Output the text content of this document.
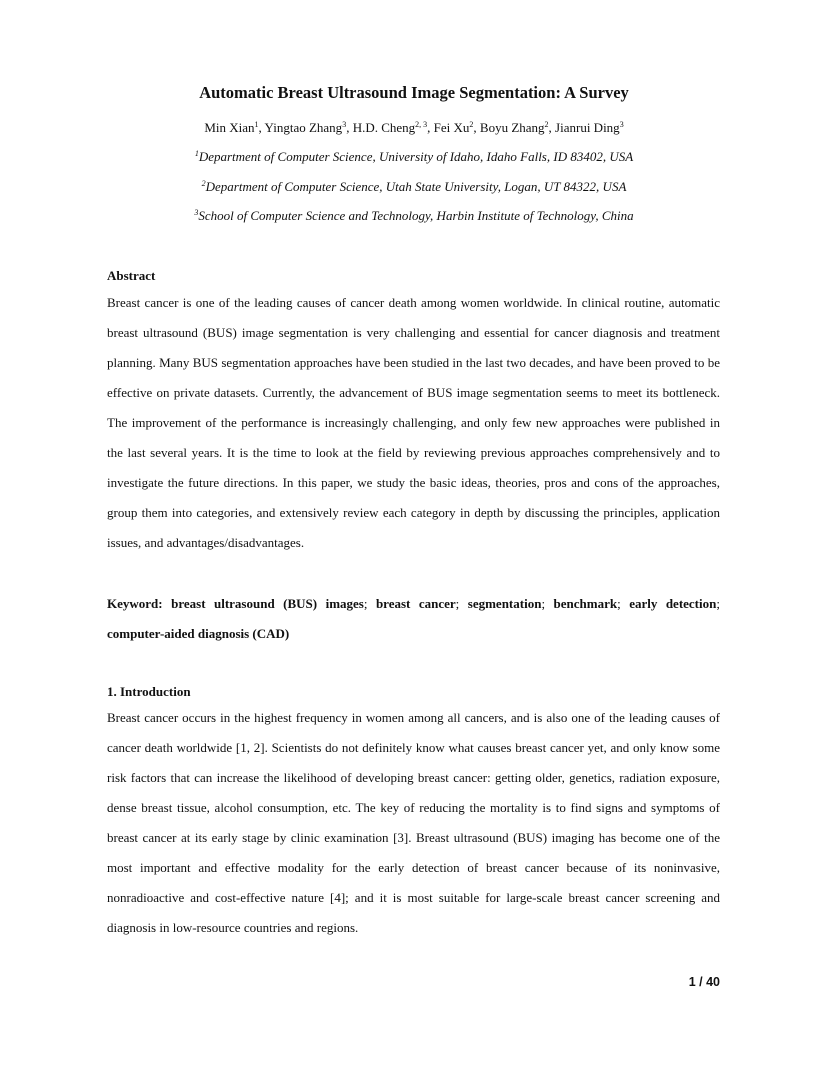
Automatic Breast Ultrasound Image Segmentation: A Survey
Min Xian$^1$, Yingtao Zhang$^3$, H.D. Cheng$^{2, 3}$, Fei Xu$^2$, Boyu Zhang$^2$, Jianrui Ding$^3$
$^1$Department of Computer Science, University of Idaho, Idaho Falls, ID 83402, USA
$^2$Department of Computer Science, Utah State University, Logan, UT 84322, USA
$^3$School of Computer Science and Technology, Harbin Institute of Technology, China
Abstract

Breast cancer is one of the leading causes of cancer death among women worldwide. In clinical routine, automatic breast ultrasound (BUS) image segmentation is very challenging and essential for cancer diagnosis and treatment planning. Many BUS segmentation approaches have been studied in the last two decades, and have been proved to be effective on private datasets. Currently, the advancement of BUS image segmentation seems to meet its bottleneck. The improvement of the performance is increasingly challenging, and only few new approaches were published in the last several years. It is the time to look at the field by reviewing previous approaches comprehensively and to investigate the future directions. In this paper, we study the basic ideas, theories, pros and cons of the approaches, group them into categories, and extensively review each category in depth by discussing the principles, application issues, and advantages/disadvantages.

Keyword: breast ultrasound (BUS) images; breast cancer; segmentation; benchmark; early detection; computer-aided diagnosis (CAD)

1. Introduction

Breast cancer occurs in the highest frequency in women among all cancers, and is also one of the leading causes of cancer death worldwide [1, 2]. Scientists do not definitely know what causes breast cancer yet, and only know some risk factors that can increase the likelihood of developing breast cancer: getting older, genetics, radiation exposure, dense breast tissue, alcohol consumption, etc. The key of reducing the mortality is to find signs and symptoms of breast cancer at its early stage by clinic examination [3]. Breast ultrasound (BUS) imaging has become one of the most important and effective modality for the early detection of breast cancer because of its noninvasive, nonradioactive and cost-effective nature [4]; and it is most suitable for large-scale breast cancer screening and diagnosis in low-resource countries and regions.

1 / 40
